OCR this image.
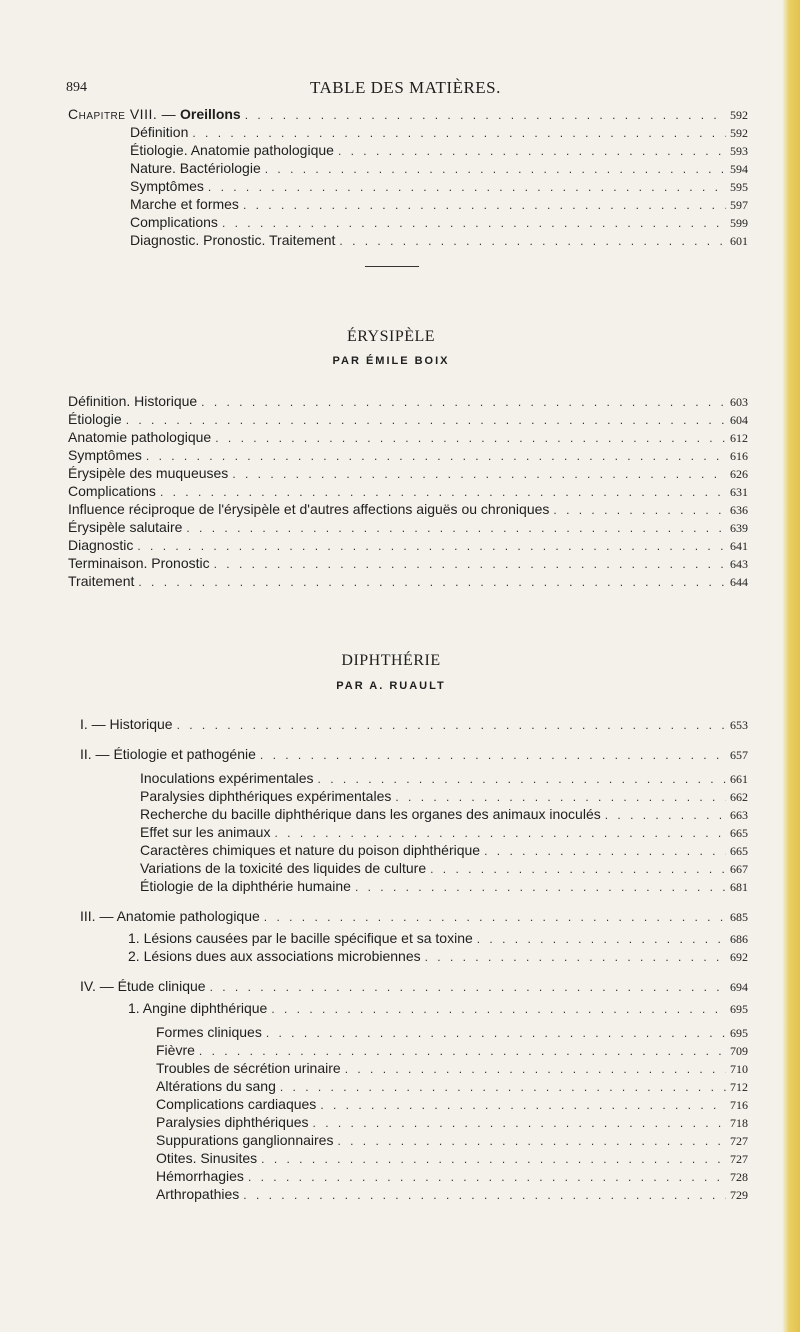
894	TABLE DES MATIÈRES.
Chapitre VIII. — Oreillons . . .	592
Définition . . .	592
Étiologie. Anatomie pathologique . . .	593
Nature. Bactériologie . . .	594
Symptômes . . .	595
Marche et formes . . .	597
Complications . . .	599
Diagnostic. Pronostic. Traitement . . .	601
ÉRYSIPÈLE
PAR ÉMILE BOIX
Définition. Historique . . .	603
Étiologie . . .	604
Anatomie pathologique . . .	612
Symptômes . . .	616
Érysipèle des muqueuses . . .	626
Complications . . .	631
Influence réciproque de l'érysipèle et d'autres affections aiguës ou chroniques . . .	636
Érysipèle salutaire . . .	639
Diagnostic . . .	641
Terminaison. Pronostic . . .	643
Traitement . . .	644
DIPHTHÉRIE
PAR A. RUAULT
I. — Historique . . .	653
II. — Étiologie et pathogénie . . .	657
Inoculations expérimentales . . .	661
Paralysies diphthériques expérimentales . . .	662
Recherche du bacille diphthérique dans les organes des animaux inoculés . . .	663
Effet sur les animaux . . .	665
Caractères chimiques et nature du poison diphthérique . . .	665
Variations de la toxicité des liquides de culture . . .	667
Étiologie de la diphthérie humaine . . .	681
III. — Anatomie pathologique . . .	685
1. Lésions causées par le bacille spécifique et sa toxine . . .	686
2. Lésions dues aux associations microbiennes . . .	692
IV. — Étude clinique . . .	694
1. Angine diphthérique . . .	695
Formes cliniques . . .	695
Fièvre . . .	709
Troubles de sécrétion urinaire . . .	710
Altérations du sang . . .	712
Complications cardiaques . . .	716
Paralysies diphthériques . . .	718
Suppurations ganglionnaires . . .	727
Otites. Sinusites . . .	727
Hémorrhagies . . .	728
Arthropathies . . .	729
